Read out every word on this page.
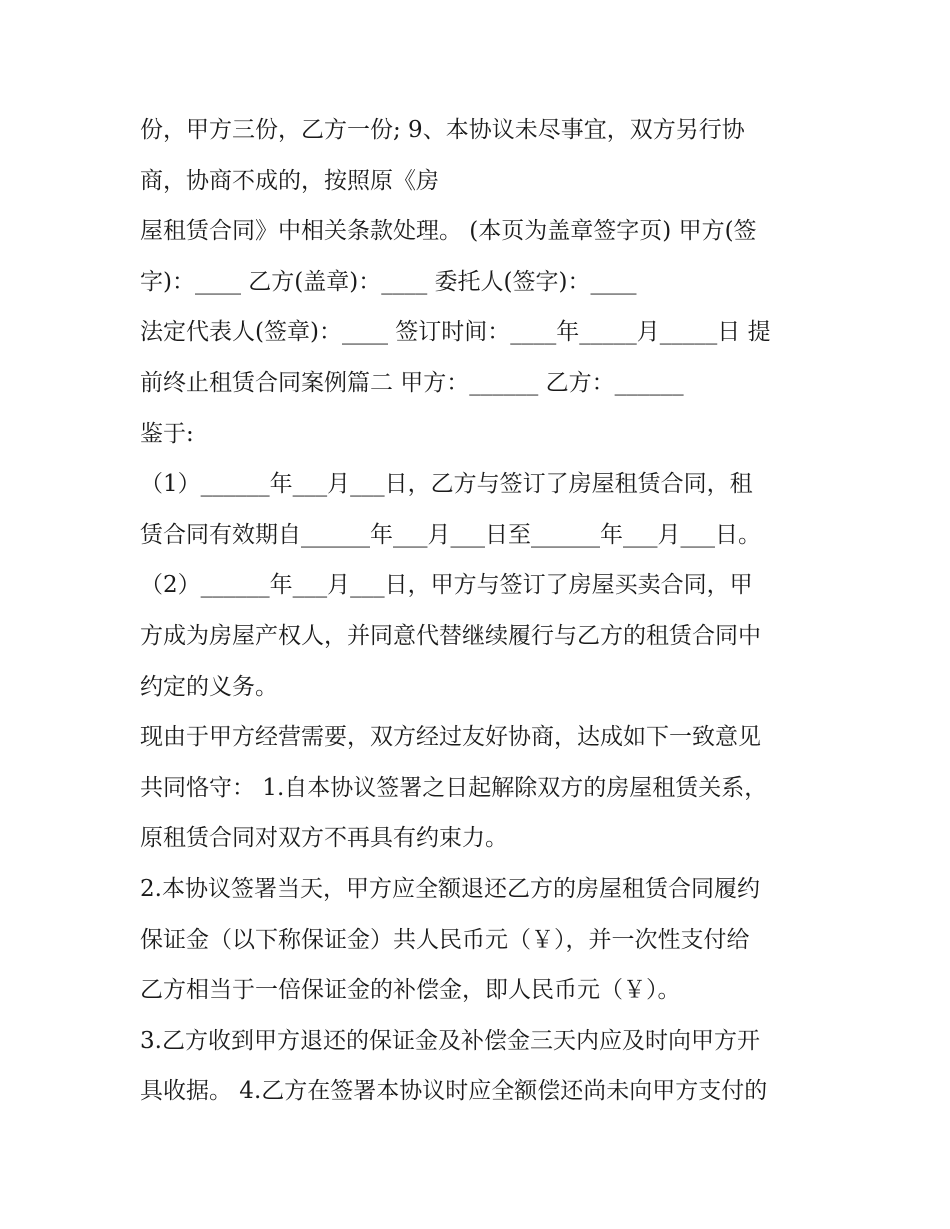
份，甲方三份，乙方一份; 9、本协议未尽事宜，双方另行协
商，协商不成的，按照原《房
屋租赁合同》中相关条款处理。 (本页为盖章签字页) 甲方(签
字)：____ 乙方(盖章)：____ 委托人(签字)：____
法定代表人(签章)：____ 签订时间：____年_____月_____日 提
前终止租赁合同案例篇二 甲方：______ 乙方：______
鉴于:
（1）______年___月___日，乙方与签订了房屋租赁合同，租
赁合同有效期自______年___月___日至______年___月___日。
（2）______年___月___日，甲方与签订了房屋买卖合同，甲
方成为房屋产权人，并同意代替继续履行与乙方的租赁合同中
约定的义务。
现由于甲方经营需要，双方经过友好协商，达成如下一致意见
共同恪守： 1.自本协议签署之日起解除双方的房屋租赁关系，
原租赁合同对双方不再具有约束力。
2.本协议签署当天，甲方应全额退还乙方的房屋租赁合同履约
保证金（以下称保证金）共人民币元（￥），并一次性支付给
乙方相当于一倍保证金的补偿金，即人民币元（￥）。
3.乙方收到甲方退还的保证金及补偿金三天内应及时向甲方开
具收据。 4.乙方在签署本协议时应全额偿还尚未向甲方支付的
